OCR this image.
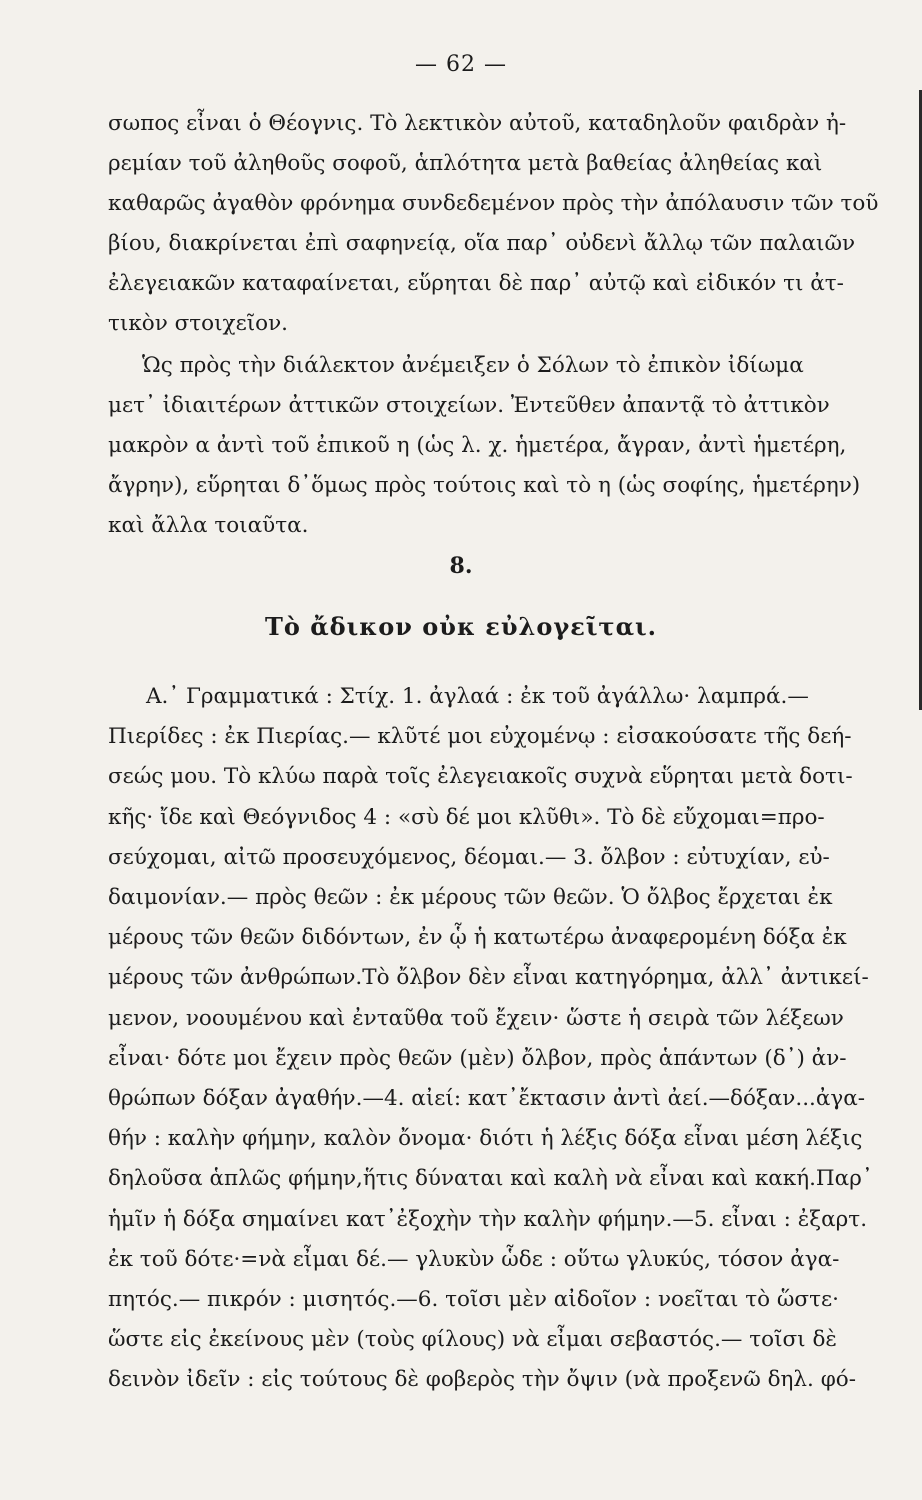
— 62 —
σωπος εἶναι ὁ Θέογνις. Τὸ λεκτικὸν αὐτοῦ, καταδηλοῦν φαιδρὰν ἠ-
ρεμίαν τοῦ ἀληθοῦς σοφοῦ, ἁπλότητα μετὰ βαθείας ἀληθείας καὶ
καθαρῶς ἀγαθὸν φρόνημα συνδεδεμένον πρὸς τὴν ἀπόλαυσιν τῶν τοῦ
βίου, διακρίνεται ἐπὶ σαφηνείᾳ, οἵα παρ᾽ οὐδενὶ ἄλλῳ τῶν παλαιῶν
ἐλεγειακῶν καταφαίνεται, εὕρηται δὲ παρ᾽ αὐτῷ καὶ εἰδικόν τι ἀτ-
τικὸν στοιχεῖον.
Ὡς πρὸς τὴν διάλεκτον ἀνέμειξεν ὁ Σόλων τὸ ἐπικὸν ἰδίωμα
μετ᾽ ἰδιαιτέρων ἀττικῶν στοιχείων. Ἐντεῦθεν ἀπαντᾷ τὸ ἀττικὸν
μακρὸν α ἀντὶ τοῦ ἐπικοῦ η (ὡς λ. χ. ἡμετέρα, ἄγραν, ἀντὶ ἡμετέρη,
ἄγρην), εὕρηται δ᾽ὅμως πρὸς τούτοις καὶ τὸ η (ὡς σοφίης, ἡμετέρην)
καὶ ἄλλα τοιαῦτα.
8.
Τὸ ἄδικον οὐκ εὐλογεῖται.
Α.᾽ Γραμματικά : Στίχ. 1. ἀγλαά : ἐκ τοῦ ἀγάλλω· λαμπρά.—
Πιερίδες : ἐκ Πιερίας.— κλῦτέ μοι εὐχομένῳ : εἰσακούσατε τῆς δεή-
σεώς μου. Τὸ κλύω παρὰ τοῖς ἐλεγειακοῖς συχνὰ εὕρηται μετὰ δοτι-
κῆς· ἴδε καὶ Θεόγνιδος 4 : «σὺ δέ μοι κλῦθι». Τὸ δὲ εὔχομαι=προ-
σεύχομαι, αἰτῶ προσευχόμενος, δέομαι.— 3. ὄλβον : εὐτυχίαν, εὐ-
δαιμονίαν.— πρὸς θεῶν : ἐκ μέρους τῶν θεῶν. Ὁ ὄλβος ἔρχεται ἐκ
μέρους τῶν θεῶν διδόντων, ἐν ᾧ ἡ κατωτέρω ἀναφερομένη δόξα ἐκ
μέρους τῶν ἀνθρώπων.Τὸ ὄλβον δὲν εἶναι κατηγόρημα, ἀλλ᾽ ἀντικεί-
μενον, νοουμένου καὶ ἐνταῦθα τοῦ ἔχειν· ὥστε ἡ σειρὰ τῶν λέξεων
εἶναι· δότε μοι ἔχειν πρὸς θεῶν (μὲν) ὄλβον, πρὸς ἁπάντων (δ᾽) ἀν-
θρώπων δόξαν ἀγαθήν.—4. αἰεί: κατ᾽ἔκτασιν ἀντὶ ἀεί.—δόξαν...ἀγα-
θήν : καλὴν φήμην, καλὸν ὄνομα· διότι ἡ λέξις δόξα εἶναι μέση λέξις
δηλοῦσα ἁπλῶς φήμην,ἥτις δύναται καὶ καλὴ νὰ εἶναι καὶ κακή.Παρ᾽
ἡμῖν ἡ δόξα σημαίνει κατ᾽ἐξοχὴν τὴν καλὴν φήμην.—5. εἶναι : ἐξαρτ.
ἐκ τοῦ δότε·=νὰ εἶμαι δέ.— γλυκὺν ὧδε : οὕτω γλυκύς, τόσον ἀγα-
πητός.— πικρόν : μισητός.—6. τοῖσι μὲν αἰδοῖον : νοεῖται τὸ ὥστε·
ὥστε εἰς ἐκείνους μὲν (τοὺς φίλους) νὰ εἶμαι σεβαστός.— τοῖσι δὲ
δεινὸν ἰδεῖν : εἰς τούτους δὲ φοβερὸς τὴν ὄψιν (νὰ προξενῶ δηλ. φό-
